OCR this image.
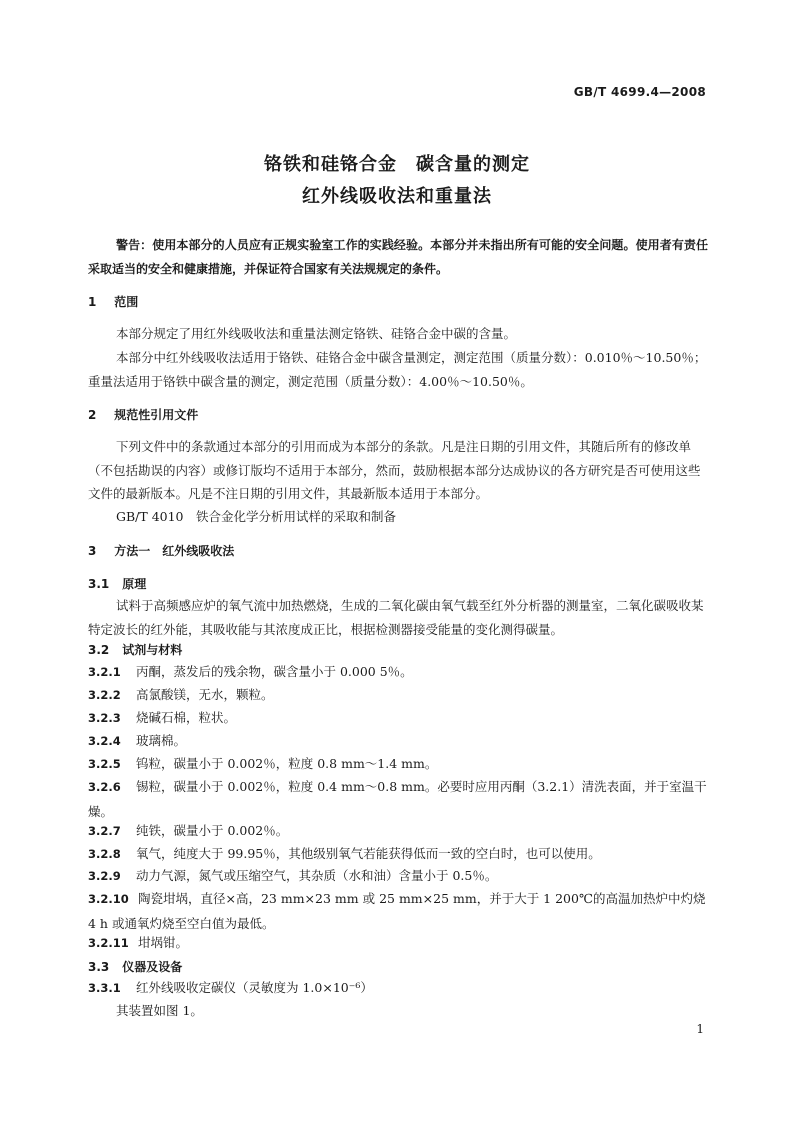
GB/T 4699.4—2008
铬铁和硅铬合金　碳含量的测定
红外线吸收法和重量法
警告：使用本部分的人员应有正规实验室工作的实践经验。本部分并未指出所有可能的安全问题。使用者有责任采取适当的安全和健康措施，并保证符合国家有关法规规定的条件。
1 范围
本部分规定了用红外线吸收法和重量法测定铬铁、硅铬合金中碳的含量。
本部分中红外线吸收法适用于铬铁、硅铬合金中碳含量测定，测定范围（质量分数）：0.010％～10.50％；重量法适用于铬铁中碳含量的测定，测定范围（质量分数）：4.00％～10.50％。
2 规范性引用文件
下列文件中的条款通过本部分的引用而成为本部分的条款。凡是注日期的引用文件，其随后所有的修改单（不包括勘误的内容）或修订版均不适用于本部分，然而，鼓励根据本部分达成协议的各方研究是否可使用这些文件的最新版本。凡是不注日期的引用文件，其最新版本适用于本部分。
GB/T 4010　铁合金化学分析用试样的采取和制备
3 方法一　红外线吸收法
3.1 原理
试料于高频感应炉的氧气流中加热燃烧，生成的二氧化碳由氧气载至红外分析器的测量室，二氧化碳吸收某特定波长的红外能，其吸收能与其浓度成正比，根据检测器接受能量的变化测得碳量。
3.2 试剂与材料
3.2.1 丙酮，蒸发后的残余物，碳含量小于 0.000 5％。
3.2.2 高氯酸镁，无水，颗粒。
3.2.3 烧碱石棉，粒状。
3.2.4 玻璃棉。
3.2.5 钨粒，碳量小于 0.002％，粒度 0.8 mm～1.4 mm。
3.2.6 锡粒，碳量小于 0.002％，粒度 0.4 mm～0.8 mm。必要时应用丙酮（3.2.1）清洗表面，并于室温干燥。
3.2.7 纯铁，碳量小于 0.002％。
3.2.8 氧气，纯度大于 99.95％，其他级别氧气若能获得低而一致的空白时，也可以使用。
3.2.9 动力气源，氮气或压缩空气，其杂质（水和油）含量小于 0.5％。
3.2.10 陶瓷坩埚，直径×高，23 mm×23 mm 或 25 mm×25 mm，并于大于 1 200℃的高温加热炉中灼烧 4 h 或通氧灼烧至空白值为最低。
3.2.11 坩埚钳。
3.3 仪器及设备
3.3.1 红外线吸收定碳仪（灵敏度为 1.0×10⁻⁶）
其装置如图 1。
1
